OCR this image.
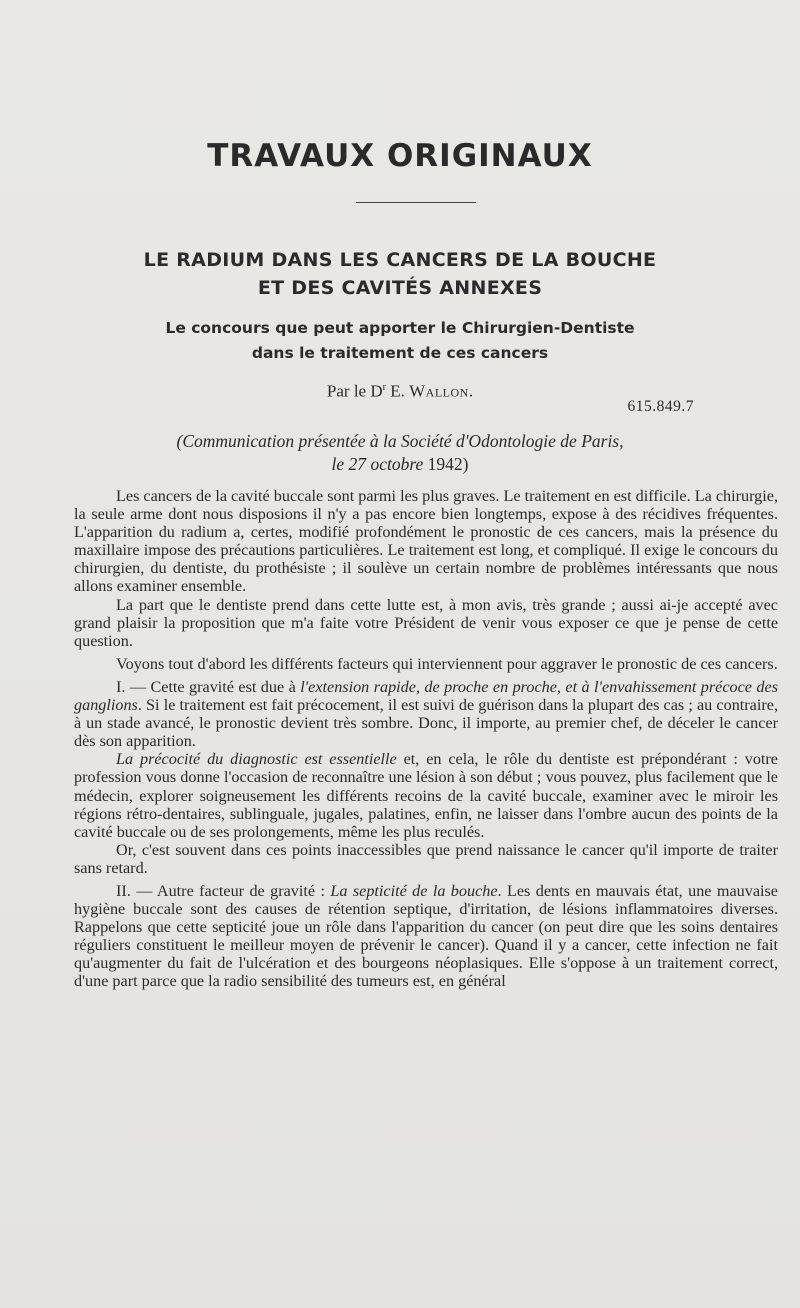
TRAVAUX ORIGINAUX
LE RADIUM DANS LES CANCERS DE LA BOUCHE
ET DES CAVITÉS ANNEXES
Le concours que peut apporter le Chirurgien-Dentiste
dans le traitement de ces cancers
Par le $D^r$ E. Wallon.
615.849.7
(Communication présentée à la Société d'Odontologie de Paris,
le 27 octobre 1942)

Les cancers de la cavité buccale sont parmi les plus graves. Le traitement en est difficile. La chirurgie, la seule arme dont nous disposions il n'y a pas encore bien longtemps, expose à des récidives fréquentes. L'apparition du radium a, certes, modifié profondément le pronostic de ces cancers, mais la présence du maxillaire impose des précautions particulières. Le traitement est long, et compliqué. Il exige le concours du chirurgien, du dentiste, du prothésiste ; il soulève un certain nombre de problèmes intéressants que nous allons examiner ensemble.

La part que le dentiste prend dans cette lutte est, à mon avis, très grande ; aussi ai-je accepté avec grand plaisir la proposition que m'a faite votre Président de venir vous exposer ce que je pense de cette question.

Voyons tout d'abord les différents facteurs qui interviennent pour aggraver le pronostic de ces cancers.

I. — Cette gravité est due à l'extension rapide, de proche en proche, et à l'envahissement précoce des ganglions. Si le traitement est fait précocement, il est suivi de guérison dans la plupart des cas ; au contraire, à un stade avancé, le pronostic devient très sombre. Donc, il importe, au premier chef, de déceler le cancer dès son apparition.

La précocité du diagnostic est essentielle et, en cela, le rôle du dentiste est prépondérant : votre profession vous donne l'occasion de reconnaître une lésion à son début ; vous pouvez, plus facilement que le médecin, explorer soigneusement les différents recoins de la cavité buccale, examiner avec le miroir les régions rétro-dentaires, sublinguale, jugales, palatines, enfin, ne laisser dans l'ombre aucun des points de la cavité buccale ou de ses prolongements, même les plus reculés.

Or, c'est souvent dans ces points inaccessibles que prend naissance le cancer qu'il importe de traiter sans retard.

II. — Autre facteur de gravité : La septicité de la bouche. Les dents en mauvais état, une mauvaise hygiène buccale sont des causes de rétention septique, d'irritation, de lésions inflammatoires diverses. Rappelons que cette septicité joue un rôle dans l'apparition du cancer (on peut dire que les soins dentaires réguliers constituent le meilleur moyen de prévenir le cancer). Quand il y a cancer, cette infection ne fait qu'augmenter du fait de l'ulcération et des bourgeons néoplasiques. Elle s'oppose à un traitement correct, d'une part parce que la radio sensibilité des tumeurs est, en général
